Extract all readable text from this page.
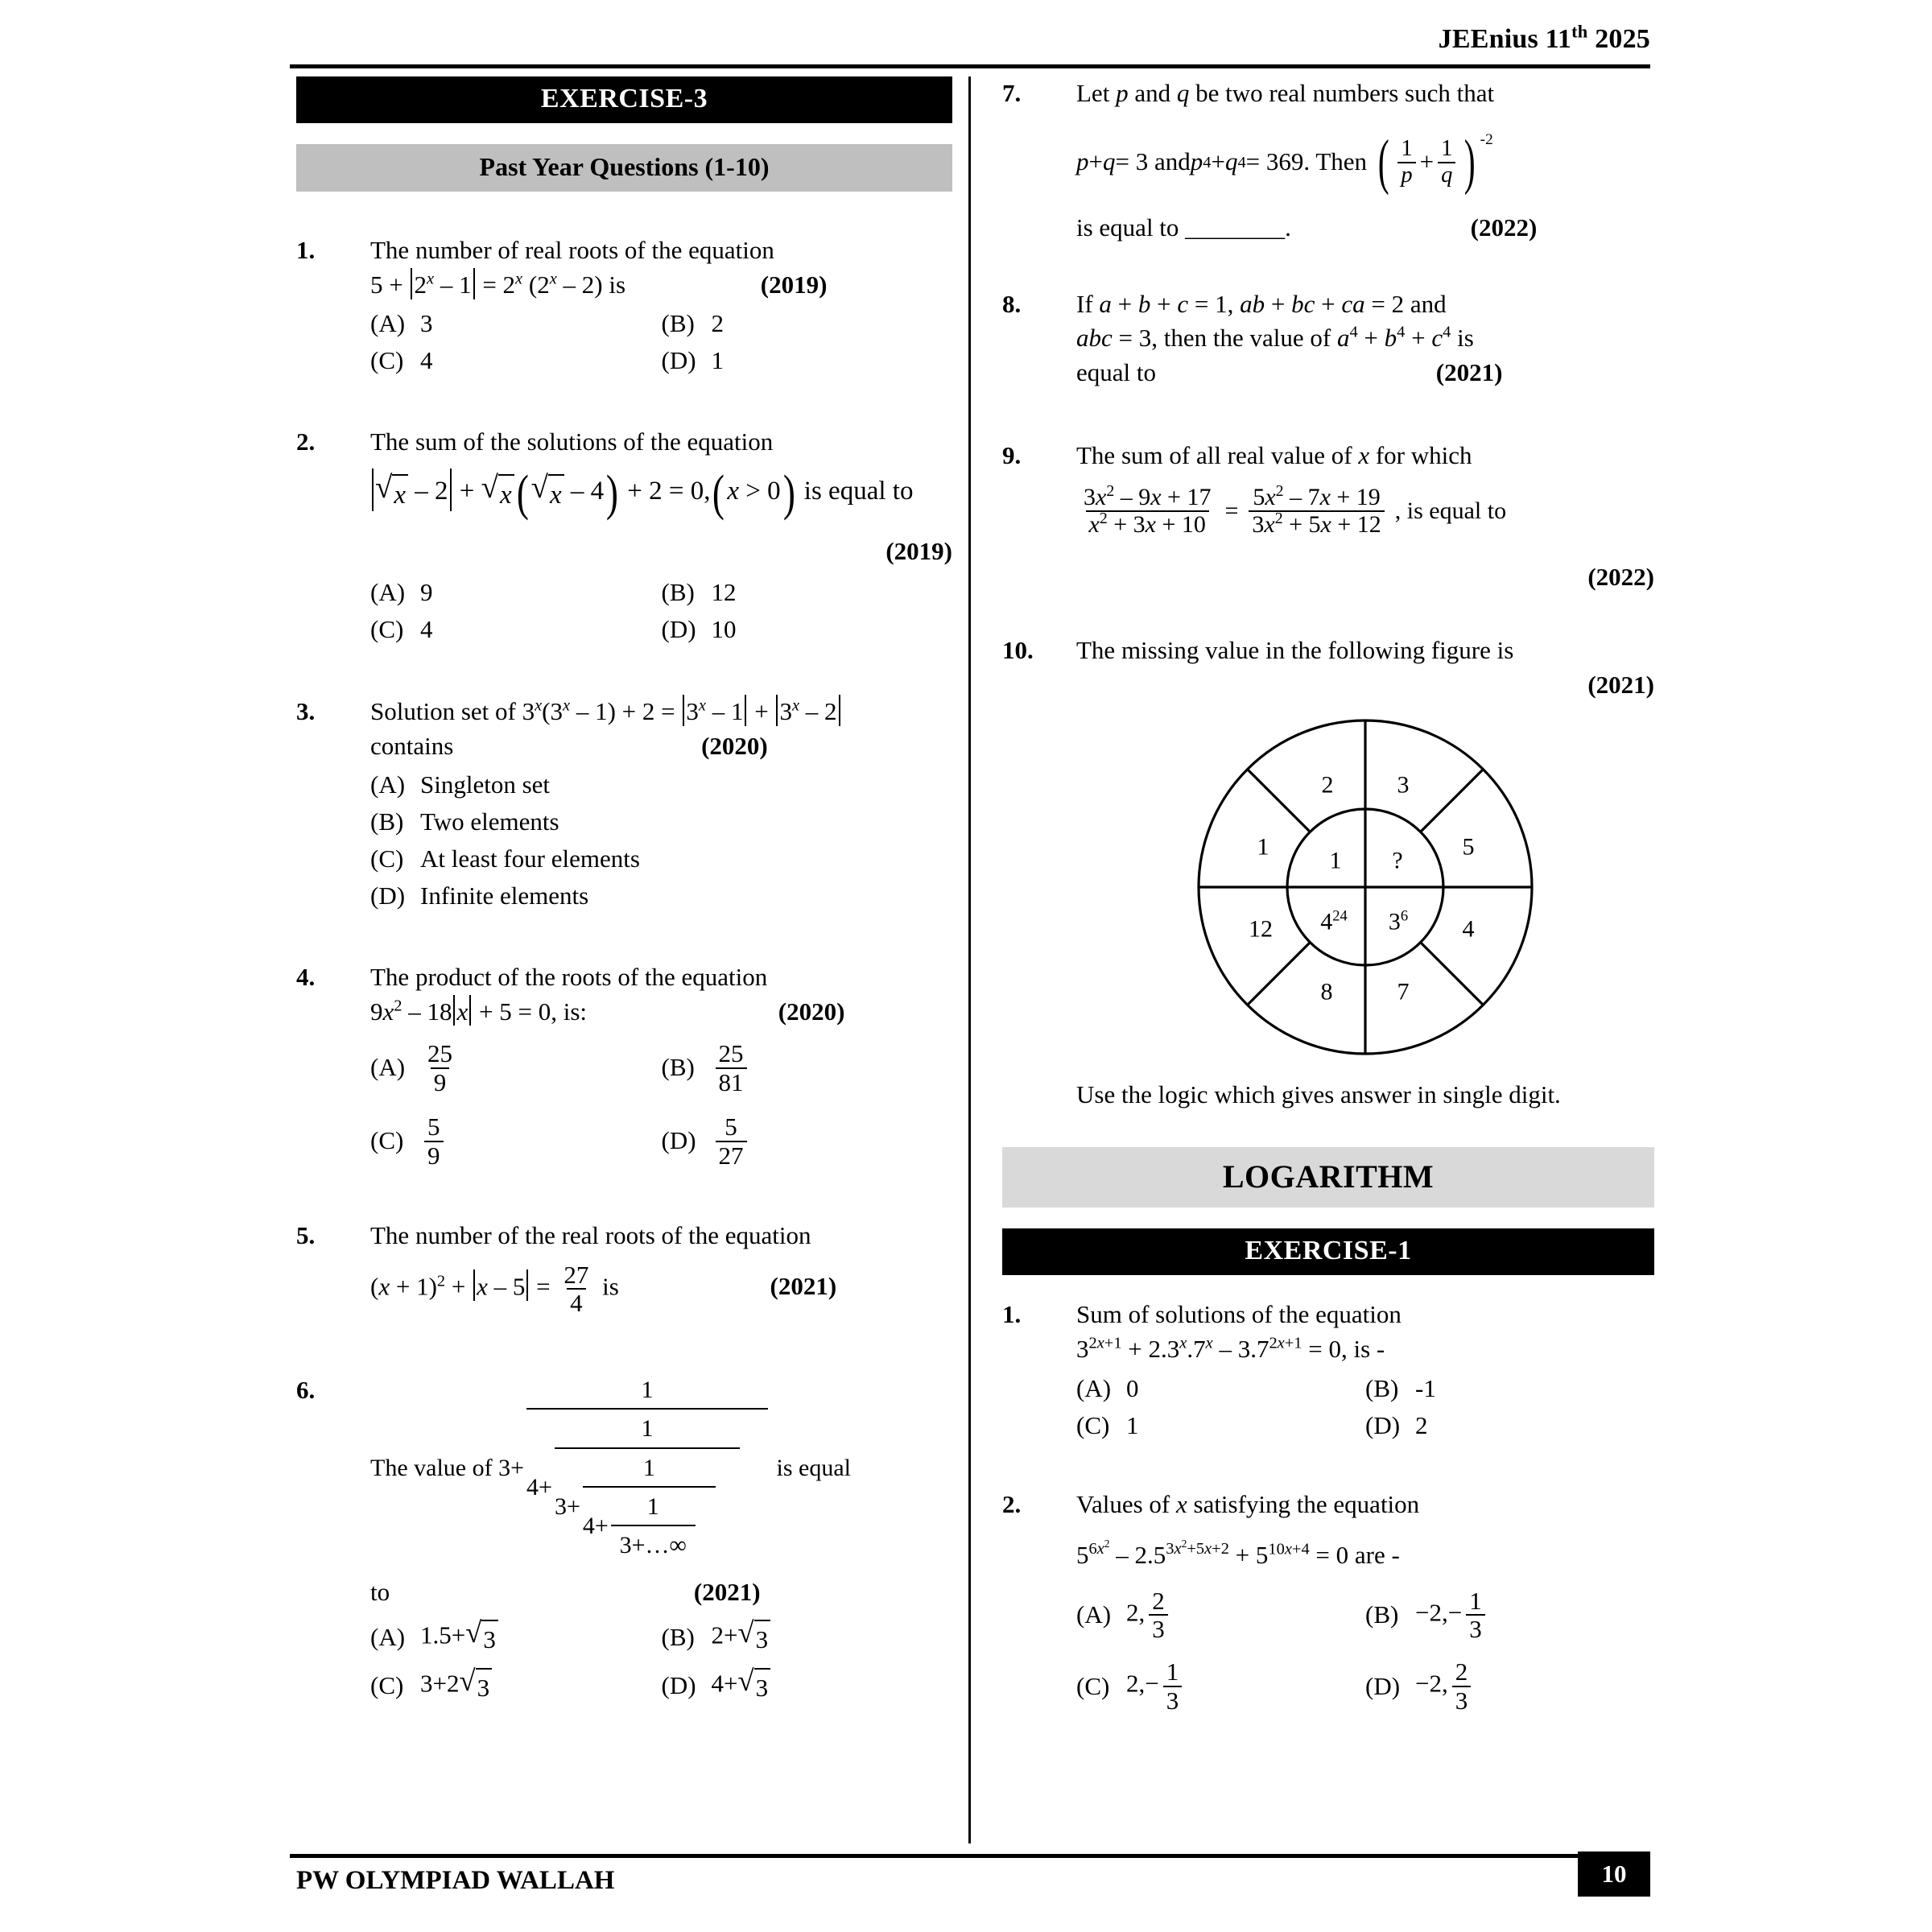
JEEnius 11th 2025
EXERCISE-3
Past Year Questions (1-10)
1. The number of real roots of the equation
$5 + 2^x - 1 = 2^x$ (2$^x$ – 2) is	(2019)
(A) 3	(B) 2
(C) 4	(D) 1
2. The sum of the solutions of the equation
√ x – 2 + √ x ( √ x – 4) + 2 = 0,(x > 0) is equal to
(2019)
(A) 9	(B) 12
(C) 4	(D) 10
3. Solution set of $3^x(3^x - 1) + 2 = 3^x - 1 + 3^x - 2$
contains	(2020)
(A) Singleton set
(B) Two elements
(C) At least four elements
(D) Infinite elements
4. The product of the roots of the equation
$9x^2 - 18$ x + 5 = 0, is:	(2020)
$(A) \frac{25}{9}$	$(B) \frac{25}{81}$
$(C) \frac{5}{9}$	$(D) \frac{5}{27}$
5. The number of the real roots of the equation
$(x + 1)^2 + x - 5 = \frac{27}{4}$ is	(2021)
6.
The value of
3+
1
4+
1
3+
1
$4+ \frac{1}{3+\dots\infty}$

is equal
to	(2021)
(A) 1.5+ √ 3	(B) 2+ √ 3
(C) 3+2 √ 3	(D) 4+ √ 3
7. Let p and q be two real numbers such that
p + q = 3 and p 4 + q 4 = 369. Then ( $\frac{1}{p} + \frac{1}{q}$ ) -2
is equal to ________.	(2022)
8. If a + b + c = 1, ab + bc + ca = 2 and
abc = 3, then the value of $a^4 + b^4 + c^4$ is
equal to	(2021)
9. The sum of all real value of x for which
$\frac{3x^2 - 9x + 17}{x^2 + 3x + 10} = \frac{5x^2 - 7x + 19}{3x^2 + 5x + 12}$ , is equal to
(2022)
10. The missing value in the following figure is
(2021)
2	3
5
4
7
8
12
1
1 ?
$4^{24}$ $3^6$
Use the logic which gives answer in single digit.
LOGARITHM
EXERCISE-1
1. Sum of solutions of the equation
$3^{2x+1} + 2.3^x.7^x - 3.7^{2x+1} = 0$, is -
(A) 0	(B) -1
(C) 1	(D) 2
2. Values of x satisfying the equation
$5^{6x^2} - 2.5^{3x^2+5x+2} + 5^{10x+4} = 0$ are -
(A) 2, $\frac{2}{3}$	$(B) -2,- \frac{1}{3}$
(C) $2,- \frac{1}{3}$	(D) −2, $\frac{2}{3}$
PW OLYMPIAD WALLAH	10
